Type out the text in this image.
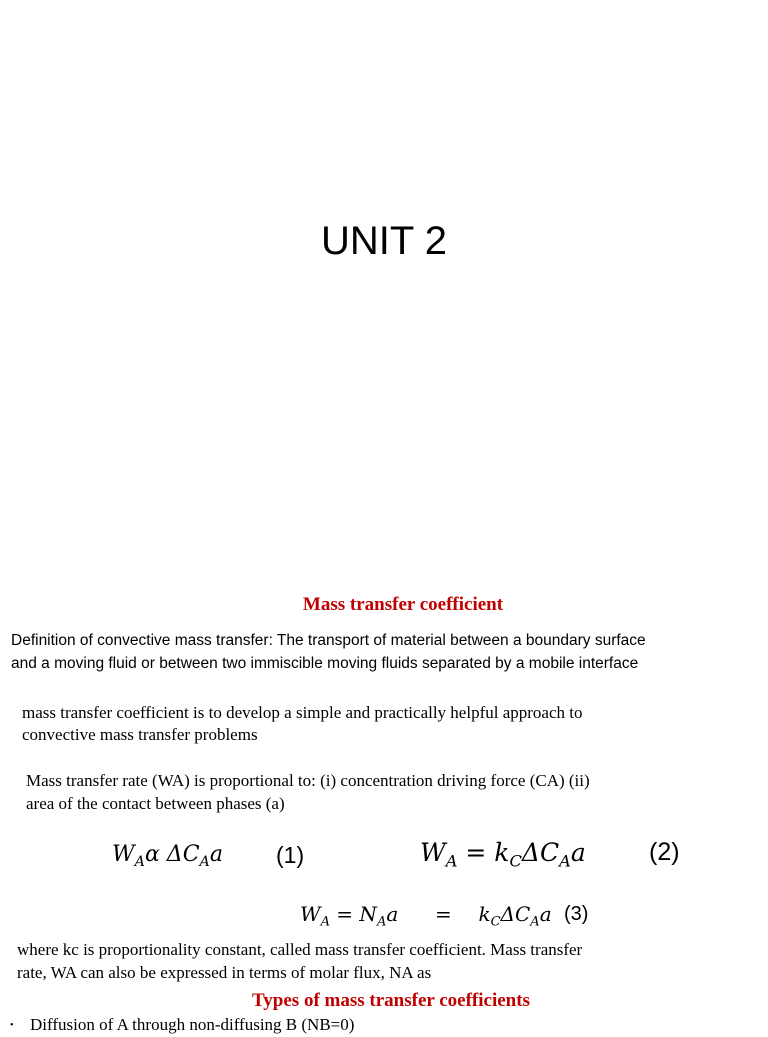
UNIT 2
Mass transfer coefficient
Definition of convective mass transfer: The transport of material between a boundary surface
and a moving fluid or between two immiscible moving fluids separated by a mobile interface
mass transfer coefficient is to develop a simple and practically helpful approach to
convective mass transfer problems
Mass transfer rate (WA) is proportional to: (i) concentration driving force (CA) (ii)
area of the contact between phases (a)
$W_A\alpha$ $\Delta C_Aa$ (1)	$W_A = k_C\Delta C_Aa$	(2)
$W_A = N_Aa = k_C\Delta C_Aa$ (3)
where kc is proportionality constant, called mass transfer coefficient. Mass transfer
rate, WA can also be expressed in terms of molar flux, NA as
Types of mass transfer coefficients
• Diffusion of A through non-diffusing B (NB=0)
